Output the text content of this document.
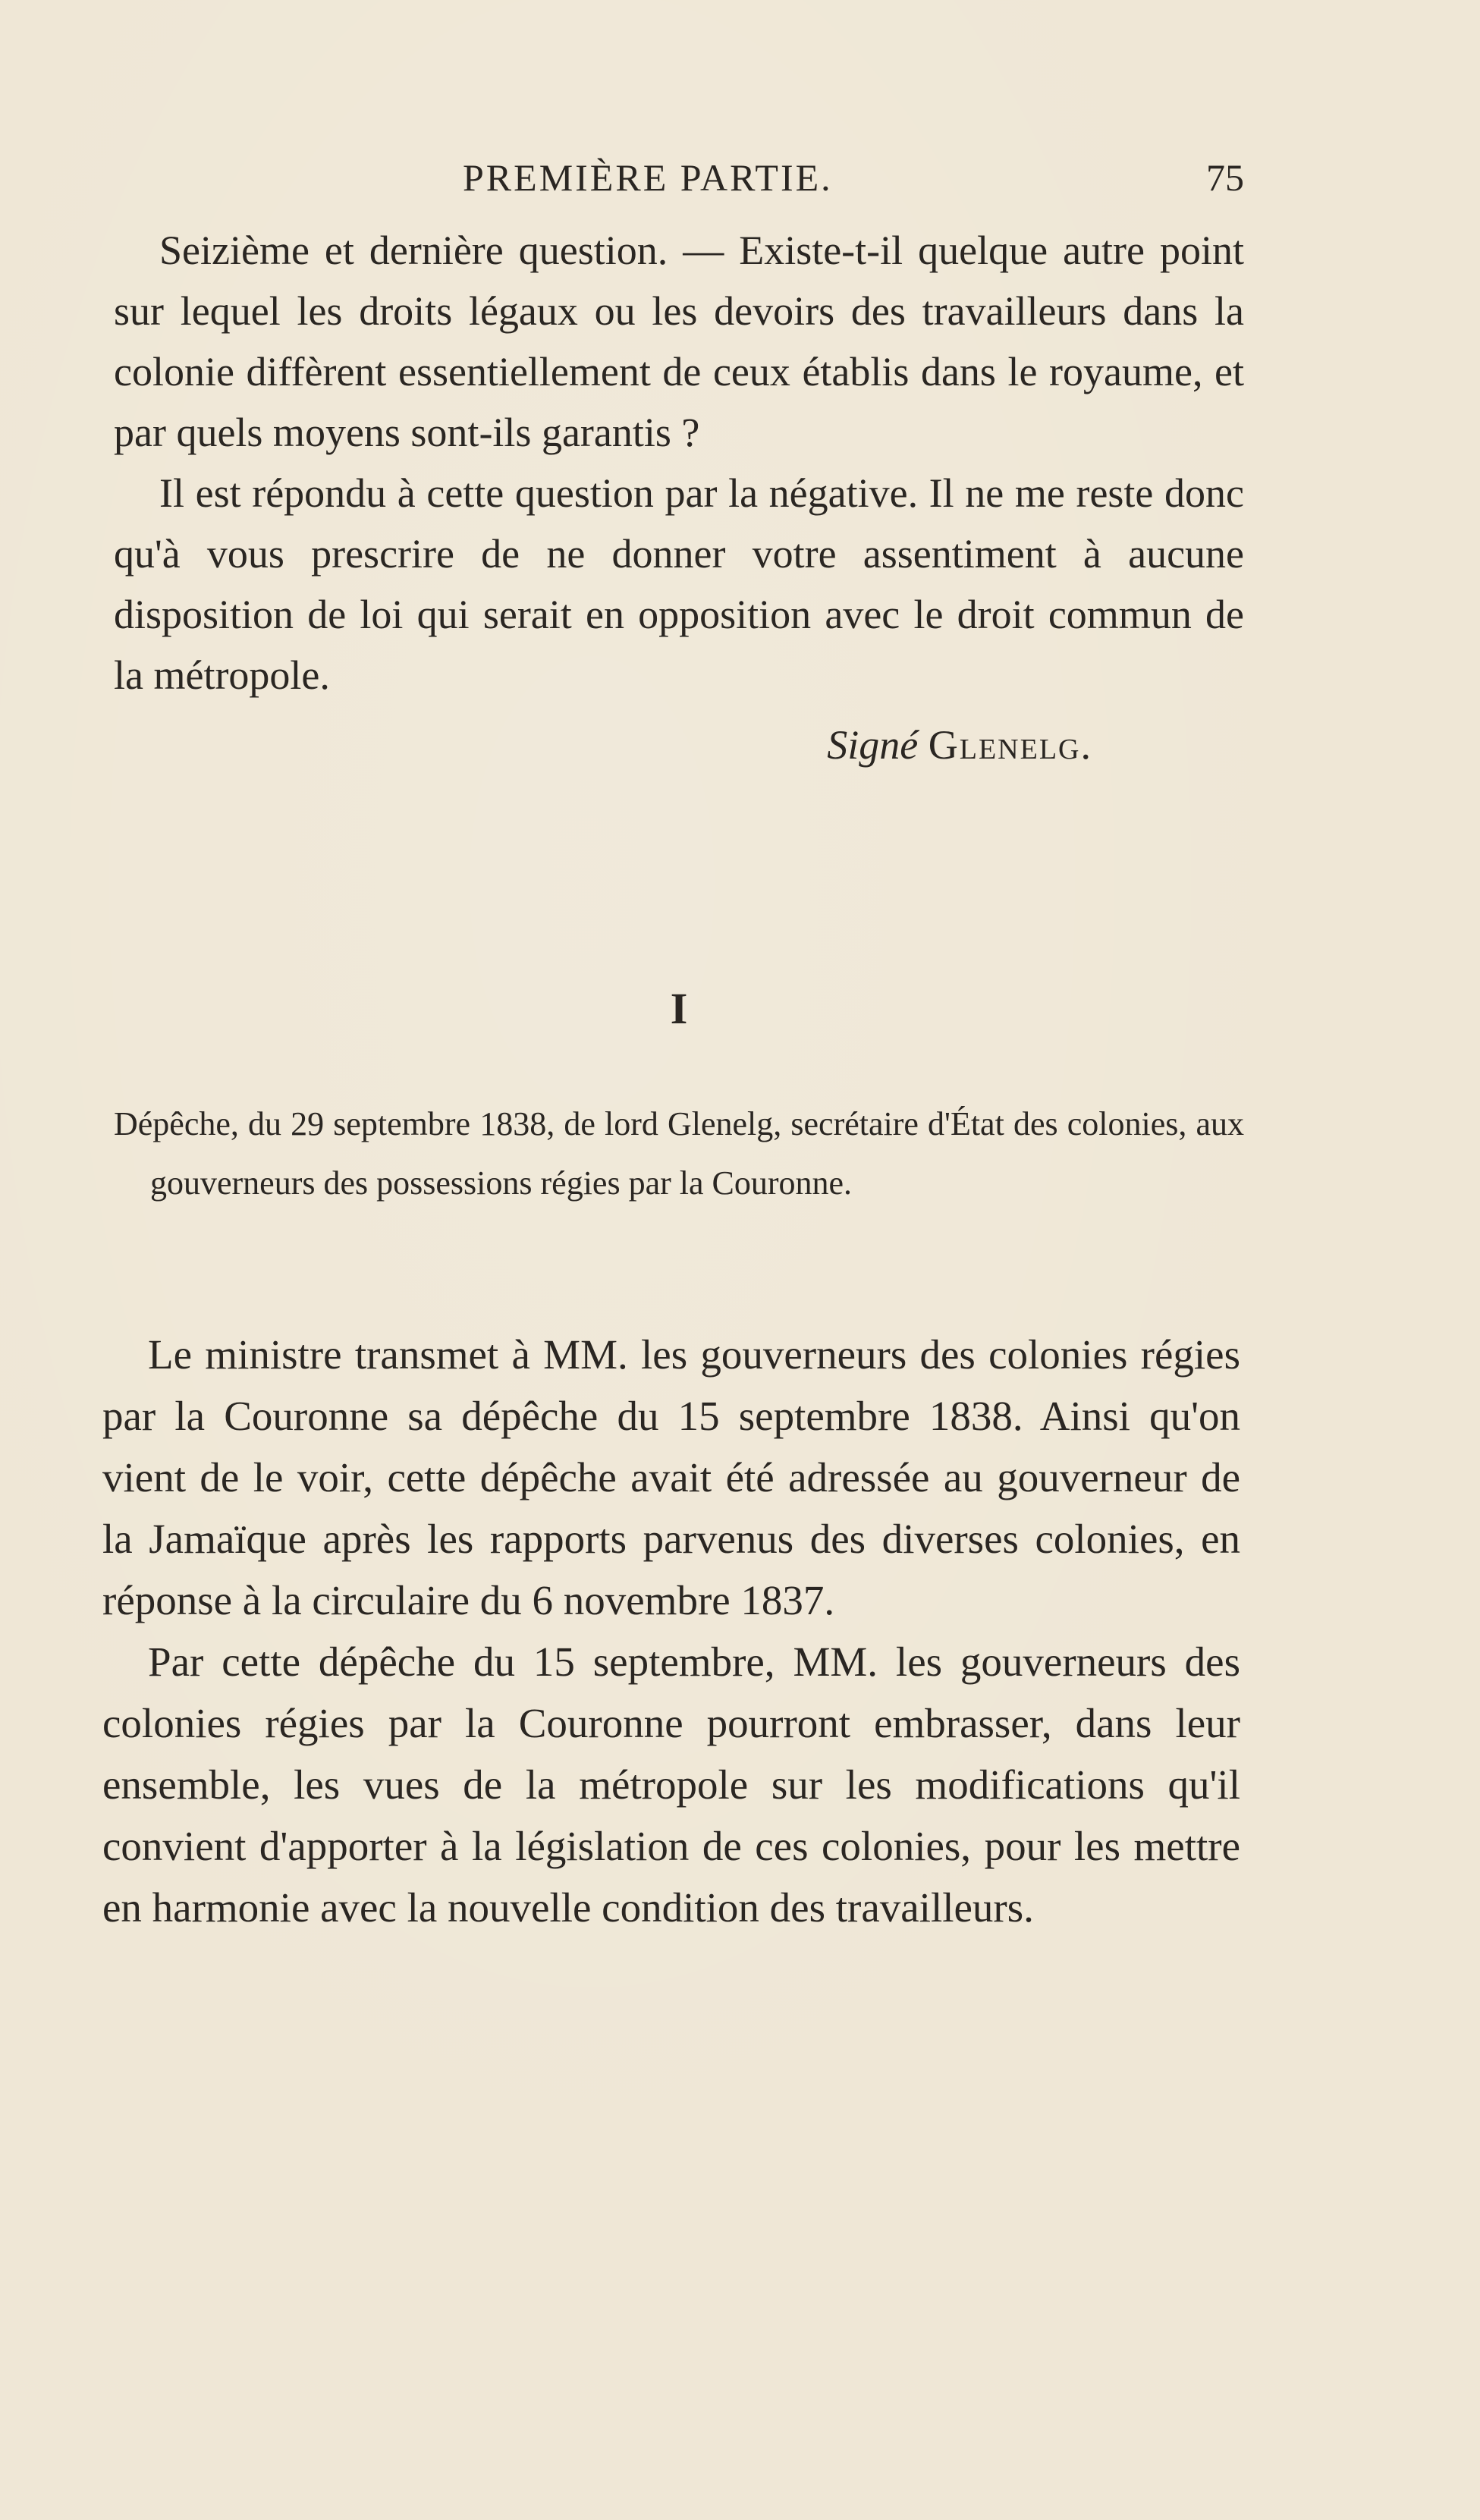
PREMIÈRE PARTIE.	75

Seizième et dernière question. — Existe-t-il quelque autre point sur lequel les droits légaux ou les devoirs des travailleurs dans la colonie diffèrent essentiellement de ceux établis dans le royaume, et par quels moyens sont-ils garantis ?

Il est répondu à cette question par la négative. Il ne me reste donc qu'à vous prescrire de ne donner votre assentiment à aucune disposition de loi qui serait en opposition avec le droit commun de la métropole.

Signé Glenelg.

I
Dépêche, du 29 septembre 1838, de lord Glenelg, secrétaire d'État des colonies, aux gouverneurs des possessions régies par la Couronne.

Le ministre transmet à MM. les gouverneurs des colonies régies par la Couronne sa dépêche du 15 septembre 1838. Ainsi qu'on vient de le voir, cette dépêche avait été adressée au gouverneur de la Jamaïque après les rapports parvenus des diverses colonies, en réponse à la circulaire du 6 novembre 1837.

Par cette dépêche du 15 septembre, MM. les gouverneurs des colonies régies par la Couronne pourront embrasser, dans leur ensemble, les vues de la métropole sur les modifications qu'il convient d'apporter à la législation de ces colonies, pour les mettre en harmonie avec la nouvelle condition des travailleurs.
